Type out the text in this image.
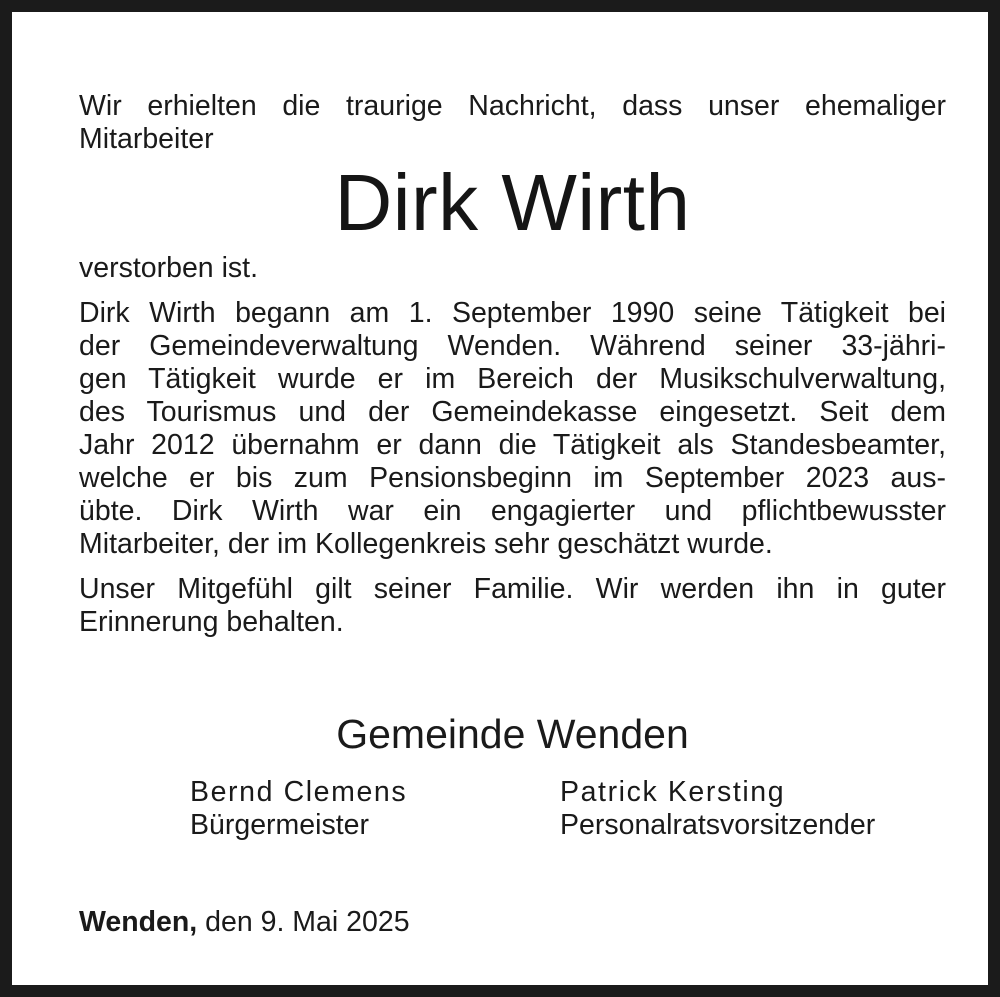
Wir erhielten die traurige Nachricht, dass unser ehemaliger

Mitarbeiter

Dirk Wirth

verstorben ist.

Dirk Wirth begann am 1. September 1990 seine Tätigkeit bei

der Gemeindeverwaltung Wenden. Während seiner 33-jähri-

gen Tätigkeit wurde er im Bereich der Musikschulverwaltung,

des Tourismus und der Gemeindekasse eingesetzt. Seit dem

Jahr 2012 übernahm er dann die Tätigkeit als Standesbeamter,

welche er bis zum Pensionsbeginn im September 2023 aus-

übte. Dirk Wirth war ein engagierter und pflichtbewusster

Mitarbeiter, der im Kollegenkreis sehr geschätzt wurde.

Unser Mitgefühl gilt seiner Familie. Wir werden ihn in guter

Erinnerung behalten.

Gemeinde Wenden
Bernd Clemens
Bürgermeister
Patrick Kersting
Personalratsvorsitzender
Wenden, den 9. Mai 2025
